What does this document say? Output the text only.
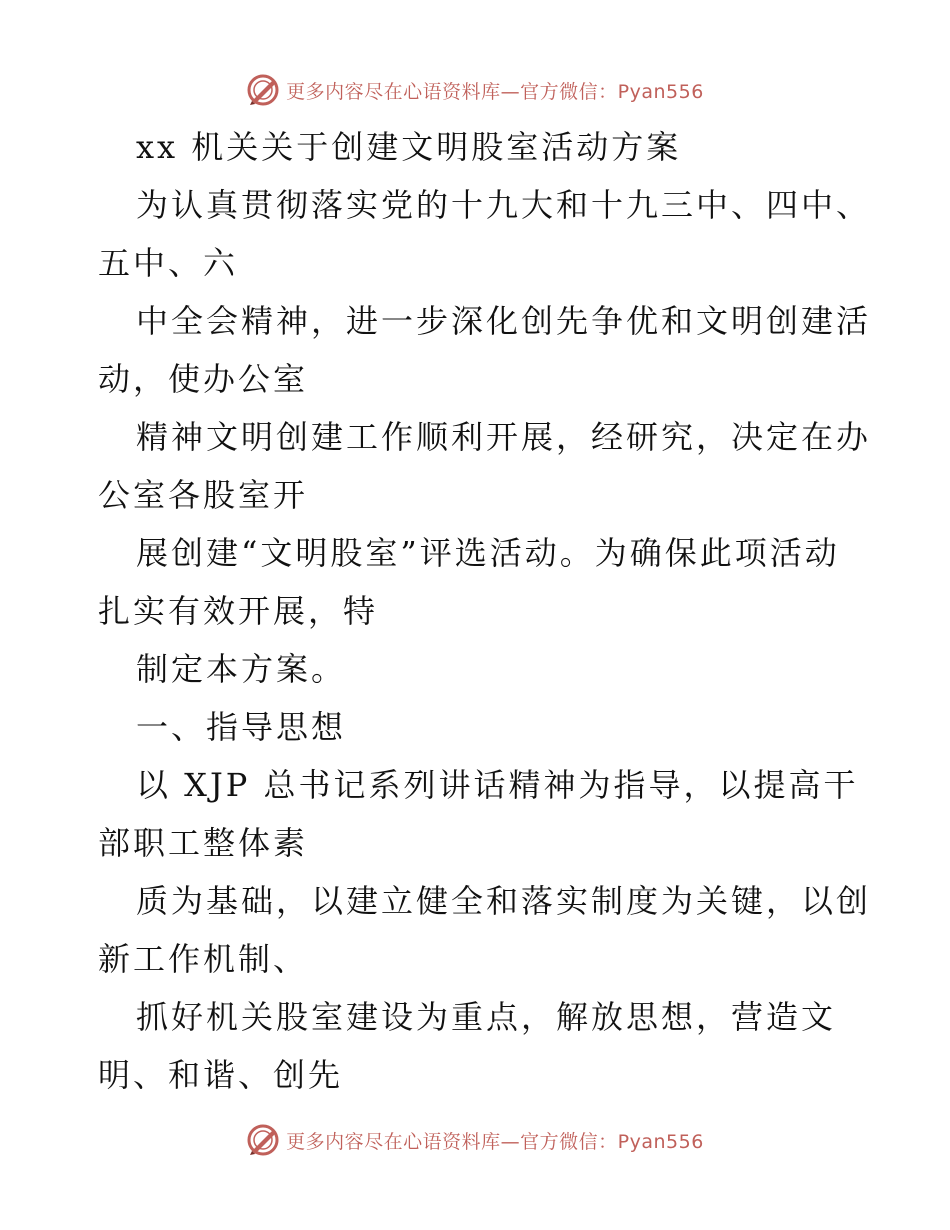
更多内容尽在心语资料库—官方微信：Pyan556
xx 机关关于创建文明股室活动方案
为认真贯彻落实党的十九大和十九三中、四中、
五中、六
中全会精神，进一步深化创先争优和文明创建活
动，使办公室
精神文明创建工作顺利开展，经研究，决定在办
公室各股室开
展创建“文明股室”评选活动。为确保此项活动
扎实有效开展，特
制定本方案。
一、指导思想
以 XJP 总书记系列讲话精神为指导，以提高干
部职工整体素
质为基础，以建立健全和落实制度为关键，以创
新工作机制、
抓好机关股室建设为重点，解放思想，营造文
明、和谐、创先
更多内容尽在心语资料库—官方微信：Pyan556
